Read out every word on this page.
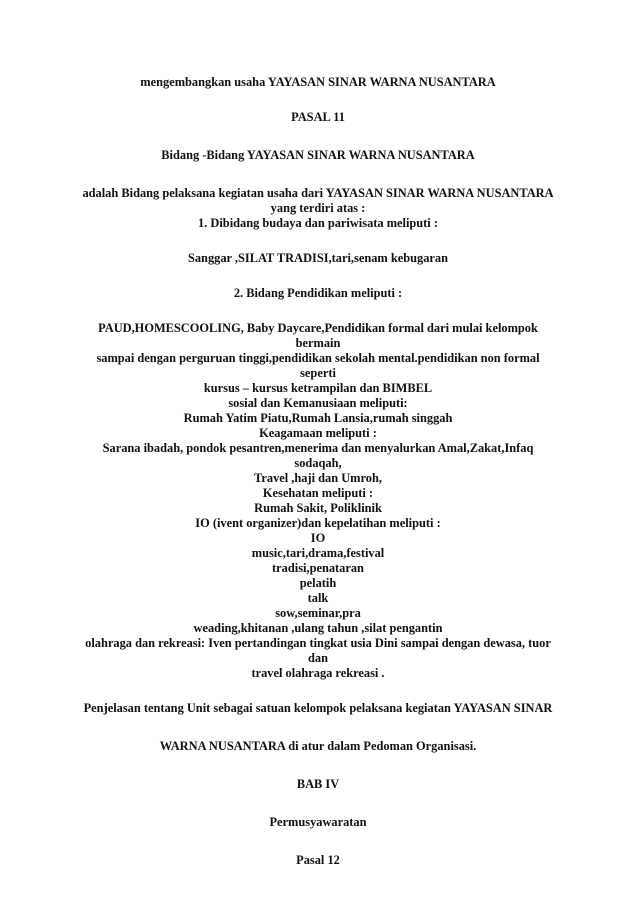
mengembangkan usaha YAYASAN SINAR WARNA NUSANTARA

PASAL 11

Bidang -Bidang YAYASAN SINAR WARNA NUSANTARA

adalah Bidang pelaksana kegiatan usaha dari YAYASAN SINAR WARNA NUSANTARA

yang terdiri atas :

1. Dibidang budaya dan pariwisata meliputi :

Sanggar ,SILAT TRADISI,tari,senam kebugaran

2. Bidang Pendidikan meliputi :

PAUD,HOMESCOOLING, Baby Daycare,Pendidikan formal dari mulai kelompok bermain

sampai dengan perguruan tinggi,pendidikan sekolah mental.pendidikan non formal seperti

kursus – kursus ketrampilan dan BIMBEL

sosial dan Kemanusiaan meliputi:

Rumah Yatim Piatu,Rumah Lansia,rumah singgah

Keagamaan meliputi :

Sarana ibadah, pondok pesantren,menerima dan menyalurkan Amal,Zakat,Infaq sodaqah,

Travel ,haji dan Umroh,

Kesehatan meliputi :

Rumah Sakit, Poliklinik

IO (ivent organizer)dan kepelatihan meliputi :

IO

music,tari,drama,festival

tradisi,penataran

pelatih

talk

sow,seminar,pra

weading,khitanan ,ulang tahun ,silat pengantin

olahraga dan rekreasi: Iven pertandingan tingkat usia Dini sampai dengan dewasa, tuor dan

travel olahraga rekreasi .

Penjelasan tentang Unit sebagai satuan kelompok pelaksana kegiatan YAYASAN SINAR

WARNA NUSANTARA di atur dalam Pedoman Organisasi.

BAB IV

Permusyawaratan

Pasal 12
